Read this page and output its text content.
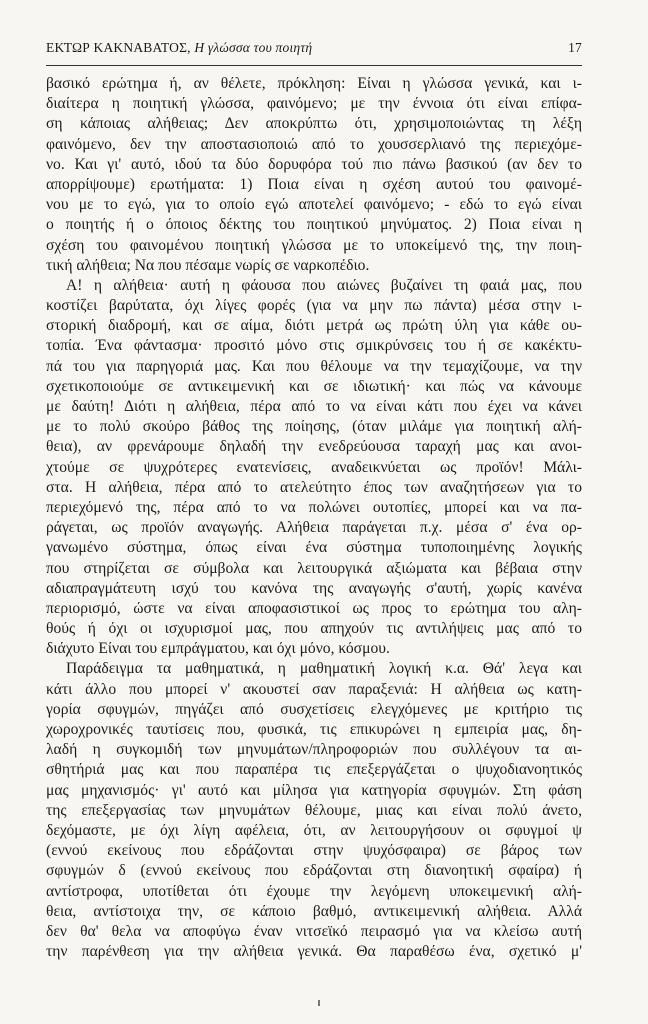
ΕΚΤΩΡ ΚΑΚΝΑΒΑΤΟΣ, Η γλώσσα του ποιητή	17
βασικό ερώτημα ή, αν θέλετε, πρόκληση: Είναι η γλώσσα γενικά, και ι-
διαίτερα η ποιητική γλώσσα, φαινόμενο; με την έννοια ότι είναι επίφα-
ση κάποιας αλήθειας; Δεν αποκρύπτω ότι, χρησιμοποιώντας τη λέξη
φαινόμενο, δεν την αποστασιοποιώ από το χουσσερλιανό της περιεχόμε-
νο. Και γι' αυτό, ιδού τα δύο δορυφόρα τού πιο πάνω βασικού (αν δεν το
απορρίψουμε) ερωτήματα: 1) Ποια είναι η σχέση αυτού του φαινομέ-
νου με το εγώ, για το οποίο εγώ αποτελεί φαινόμενο; - εδώ το εγώ είναι
ο ποιητής ή ο όποιος δέκτης του ποιητικού μηνύματος. 2) Ποια είναι η
σχέση του φαινομένου ποιητική γλώσσα με το υποκείμενό της, την ποιη-
τική αλήθεια; Να που πέσαμε νωρίς σε ναρκοπέδιο.
Α! η αλήθεια· αυτή η φάουσα που αιώνες βυζαίνει τη φαιά μας, που
κοστίζει βαρύτατα, όχι λίγες φορές (για να μην πω πάντα) μέσα στην ι-
στορική διαδρομή, και σε αίμα, διότι μετρά ως πρώτη ύλη για κάθε ου-
τοπία. Ένα φάντασμα· προσιτό μόνο στις σμικρύνσεις του ή σε κακέκτυ-
πά του για παρηγοριά μας. Και που θέλουμε να την τεμαχίζουμε, να την
σχετικοποιούμε σε αντικειμενική και σε ιδιωτική· και πώς να κάνουμε
με δαύτη! Διότι η αλήθεια, πέρα από το να είναι κάτι που έχει να κάνει
με το πολύ σκούρο βάθος της ποίησης, (όταν μιλάμε για ποιητική αλή-
θεια), αν φρενάρουμε δηλαδή την ενεδρεύουσα ταραχή μας και ανοι-
χτούμε σε ψυχρότερες ενατενίσεις, αναδεικνύεται ως προϊόν! Μάλι-
στα. Η αλήθεια, πέρα από το ατελεύτητο έπος των αναζητήσεων για το
περιεχόμενό της, πέρα από το να πολώνει ουτοπίες, μπορεί και να πα-
ράγεται, ως προϊόν αναγωγής. Αλήθεια παράγεται π.χ. μέσα σ' ένα ορ-
γανωμένο σύστημα, όπως είναι ένα σύστημα τυποποιημένης λογικής
που στηρίζεται σε σύμβολα και λειτουργικά αξιώματα και βέβαια στην
αδιαπραγμάτευτη ισχύ του κανόνα της αναγωγής σ'αυτή, χωρίς κανένα
περιορισμό, ώστε να είναι αποφασιστικοί ως προς το ερώτημα του αλη-
θούς ή όχι οι ισχυρισμοί μας, που απηχούν τις αντιλήψεις μας από το
διάχυτο Είναι του εμπράγματου, και όχι μόνο, κόσμου.
Παράδειγμα τα μαθηματικά, η μαθηματική λογική κ.α. Θά' λεγα και
κάτι άλλο που μπορεί ν' ακουστεί σαν παραξενιά: Η αλήθεια ως κατη-
γορία σφυγμών, πηγάζει από συσχετίσεις ελεγχόμενες με κριτήριο τις
χωροχρονικές ταυτίσεις που, φυσικά, τις επικυρώνει η εμπειρία μας, δη-
λαδή η συγκομιδή των μηνυμάτων/πληροφοριών που συλλέγουν τα αι-
σθητήριά μας και που παραπέρα τις επεξεργάζεται ο ψυχοδιανοητικός
μας μηχανισμός· γι' αυτό και μίλησα για κατηγορία σφυγμών. Στη φάση
της επεξεργασίας των μηνυμάτων θέλουμε, μιας και είναι πολύ άνετο,
δεχόμαστε, με όχι λίγη αφέλεια, ότι, αν λειτουργήσουν οι σφυγμοί ψ
(εννού εκείνους που εδράζονται στην ψυχόσφαιρα) σε βάρος των
σφυγμών δ (εννού εκείνους που εδράζονται στη διανοητική σφαίρα) ή
αντίστροφα, υποτίθεται ότι έχουμε την λεγόμενη υποκειμενική αλή-
θεια, αντίστοιχα την, σε κάποιο βαθμό, αντικειμενική αλήθεια. Αλλά
δεν θα' θελα να αποφύγω έναν νιτσεϊκό πειρασμό για να κλείσω αυτή
την παρένθεση για την αλήθεια γενικά. Θα παραθέσω ένα, σχετικό μ'
